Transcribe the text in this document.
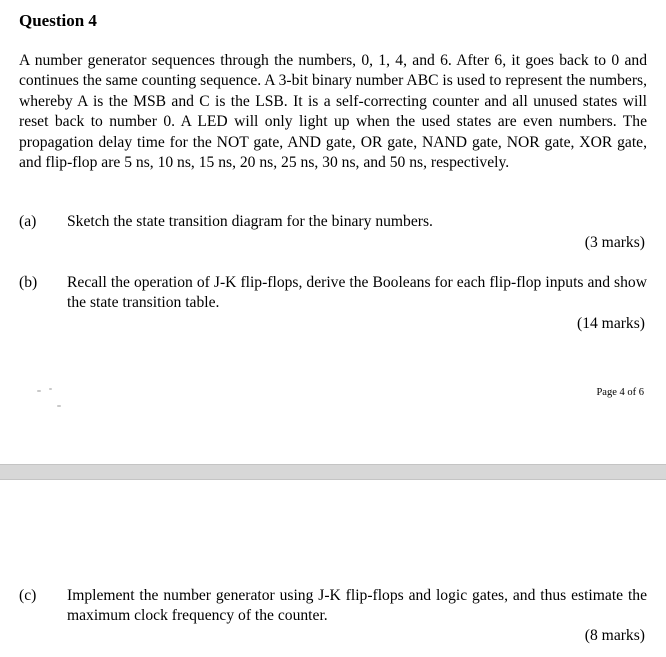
Question 4
A number generator sequences through the numbers, 0, 1, 4, and 6. After 6, it goes back to 0 and continues the same counting sequence. A 3-bit binary number ABC is used to represent the numbers, whereby A is the MSB and C is the LSB. It is a self-correcting counter and all unused states will reset back to number 0. A LED will only light up when the used states are even numbers. The propagation delay time for the NOT gate, AND gate, OR gate, NAND gate, NOR gate, XOR gate, and flip-flop are 5 ns, 10 ns, 15 ns, 20 ns, 25 ns, 30 ns, and 50 ns, respectively.
(a) Sketch the state transition diagram for the binary numbers.
(3 marks)
(b) Recall the operation of J-K flip-flops, derive the Booleans for each flip-flop inputs and show the state transition table.
(14 marks)
Page 4 of 6
(c) Implement the number generator using J-K flip-flops and logic gates, and thus estimate the maximum clock frequency of the counter.
(8 marks)
